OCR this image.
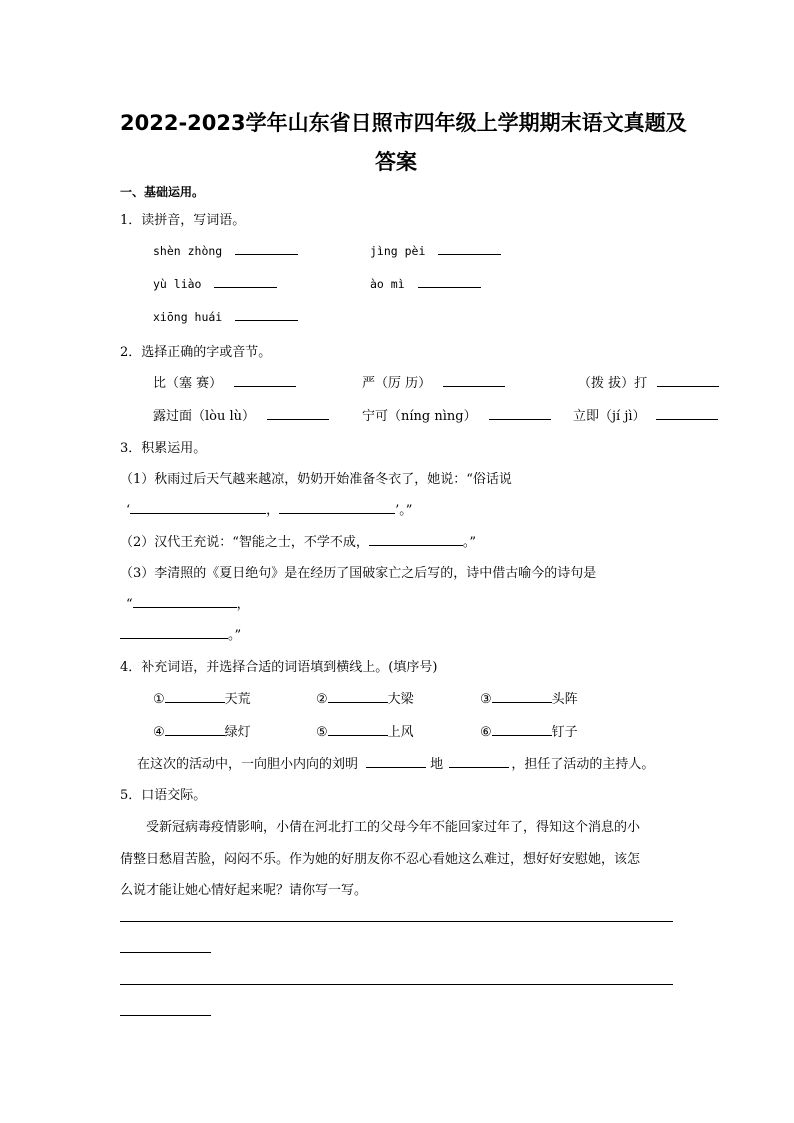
2022-2023学年山东省日照市四年级上学期期末语文真题及
答案
一、基础运用。
1．读拼音，写词语。
shèn zhòng	jìng pèi
yù liào	ào mì
xiōng huái
2．选择正确的字或音节。
比（塞 赛）	严（厉 历）	（拨 拔）打
露过面（lòu lù）	宁可（níng nìng）	立即（jí jì）
3．积累运用。
（1）秋雨过后天气越来越凉，奶奶开始准备冬衣了，她说：“俗话说
‘	，	’。”
（2）汉代王充说：“智能之士，不学不成，	。”
（3）李清照的《夏日绝句》是在经历了国破家亡之后写的，诗中借古喻今的诗句是
“	，
。”
4．补充词语，并选择合适的词语填到横线上。(填序号)
①	天荒	②	大梁	③	头阵
④	绿灯	⑤	上风	⑥	钉子
在这次的活动中，一向胆小内向的刘明	地	，担任了活动的主持人。
5．口语交际。
受新冠病毒疫情影响，小倩在河北打工的父母今年不能回家过年了，得知这个消息的小
倩整日愁眉苦脸，闷闷不乐。作为她的好朋友你不忍心看她这么难过，想好好安慰她，该怎
么说才能让她心情好起来呢？请你写一写。
